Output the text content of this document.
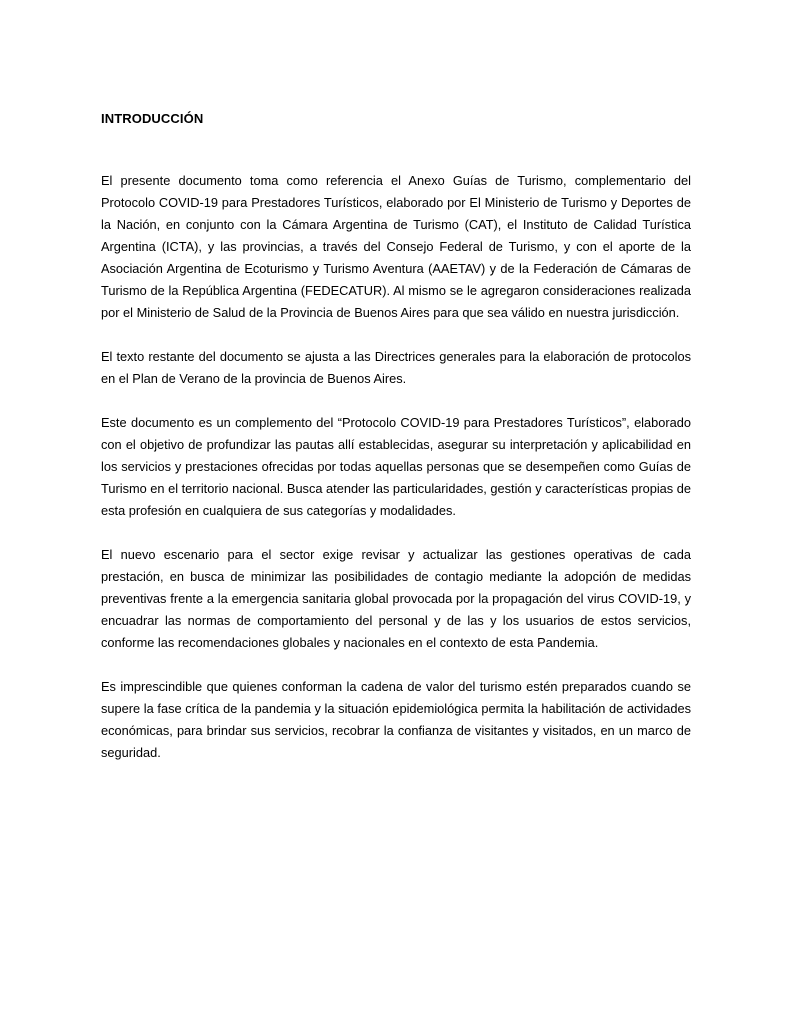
INTRODUCCIÓN

El presente documento toma como referencia el Anexo Guías de Turismo, complementario del Protocolo COVID-19 para Prestadores Turísticos, elaborado por El Ministerio de Turismo y Deportes de la Nación, en conjunto con la Cámara Argentina de Turismo (CAT), el Instituto de Calidad Turística Argentina (ICTA), y las provincias, a través del Consejo Federal de Turismo, y con el aporte de la Asociación Argentina de Ecoturismo y Turismo Aventura (AAETAV) y de la Federación de Cámaras de Turismo de la República Argentina (FEDECATUR). Al mismo se le agregaron consideraciones realizada por el Ministerio de Salud de la Provincia de Buenos Aires para que sea válido en nuestra jurisdicción.

El texto restante del documento se ajusta a las Directrices generales para la elaboración de protocolos en el Plan de Verano de la provincia de Buenos Aires.

Este documento es un complemento del “Protocolo COVID-19 para Prestadores Turísticos”, elaborado con el objetivo de profundizar las pautas allí establecidas, asegurar su interpretación y aplicabilidad en los servicios y prestaciones ofrecidas por todas aquellas personas que se desempeñen como Guías de Turismo en el territorio nacional. Busca atender las particularidades, gestión y características propias de esta profesión en cualquiera de sus categorías y modalidades.

El nuevo escenario para el sector exige revisar y actualizar las gestiones operativas de cada prestación, en busca de minimizar las posibilidades de contagio mediante la adopción de medidas preventivas frente a la emergencia sanitaria global provocada por la propagación del virus COVID-19, y encuadrar las normas de comportamiento del personal y de las y los usuarios de estos servicios, conforme las recomendaciones globales y nacionales en el contexto de esta Pandemia.

Es imprescindible que quienes conforman la cadena de valor del turismo estén preparados cuando se supere la fase crítica de la pandemia y la situación epidemiológica permita la habilitación de actividades económicas, para brindar sus servicios, recobrar la confianza de visitantes y visitados, en un marco de seguridad.
